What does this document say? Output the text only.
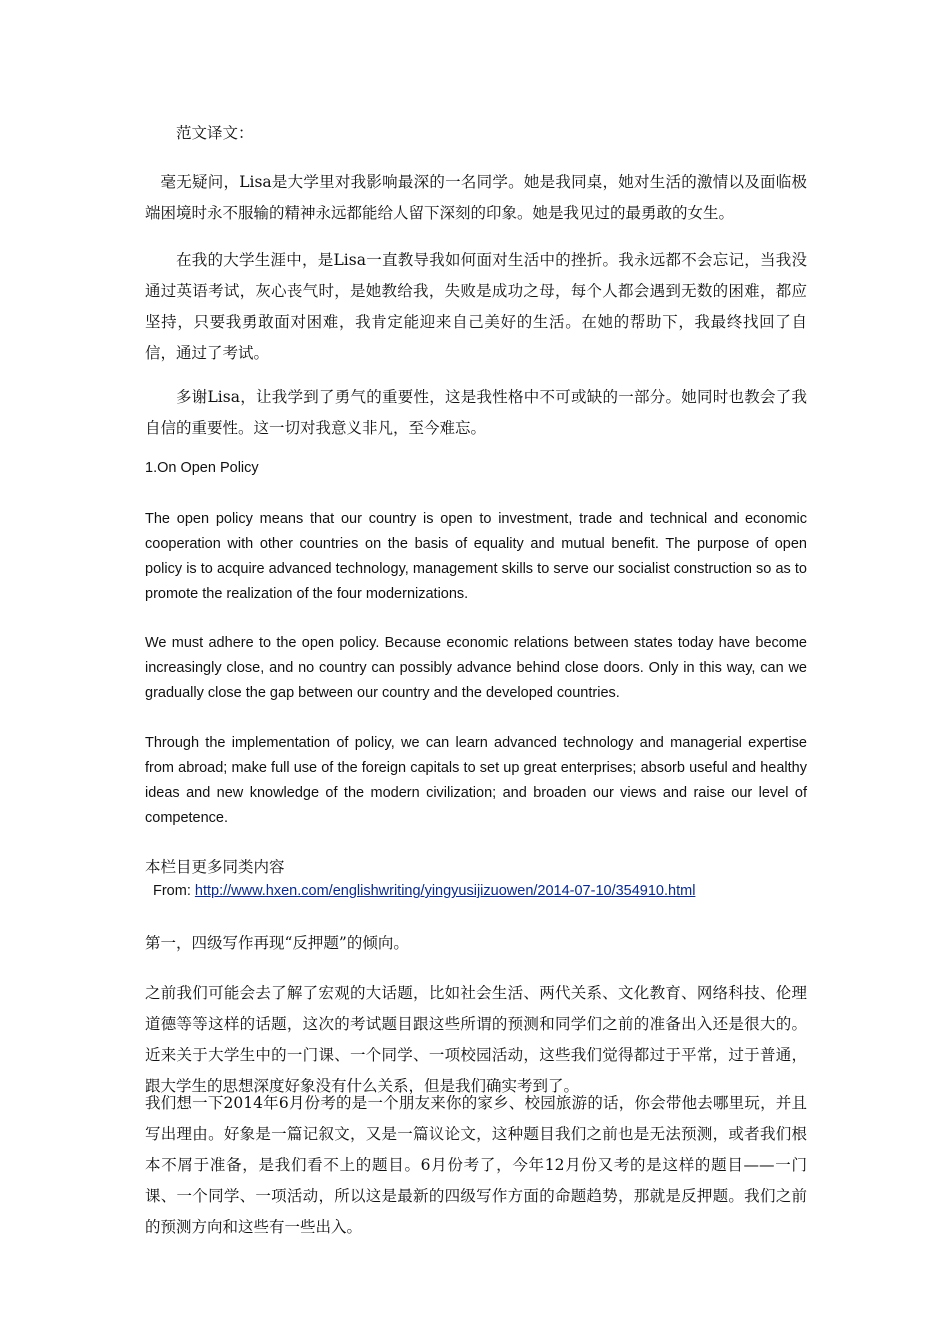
范文译文：

毫无疑问，Lisa是大学里对我影响最深的一名同学。她是我同桌，她对生活的激情以及面临极端困境时永不服输的精神永远都能给人留下深刻的印象。她是我见过的最勇敢的女生。

在我的大学生涯中，是Lisa一直教导我如何面对生活中的挫折。我永远都不会忘记，当我没通过英语考试，灰心丧气时，是她教给我，失败是成功之母，每个人都会遇到无数的困难，都应坚持，只要我勇敢面对困难，我肯定能迎来自己美好的生活。在她的帮助下，我最终找回了自信，通过了考试。

多谢Lisa，让我学到了勇气的重要性，这是我性格中不可或缺的一部分。她同时也教会了我自信的重要性。这一切对我意义非凡，至今难忘。

1.On Open Policy

The open policy means that our country is open to investment, trade and technical and economic cooperation with other countries on the basis of equality and mutual benefit. The purpose of open policy is to acquire advanced technology, management skills to serve our socialist construction so as to promote the realization of the four modernizations.

We must adhere to the open policy. Because economic relations between states today have become increasingly close, and no country can possibly advance behind close doors. Only in this way, can we gradually close the gap between our country and the developed countries.

Through the implementation of policy, we can learn advanced technology and managerial expertise from abroad; make full use of the foreign capitals to set up great enterprises; absorb useful and healthy ideas and new knowledge of the modern civilization; and broaden our views and raise our level of competence.

本栏目更多同类内容

From: http://www.hxen.com/englishwriting/yingyusijizuowen/2014-07-10/354910.html

第一，四级写作再现“反押题”的倾向。

之前我们可能会去了解了宏观的大话题，比如社会生活、两代关系、文化教育、网络科技、伦理道德等等这样的话题，这次的考试题目跟这些所谓的预测和同学们之前的准备出入还是很大的。近来关于大学生中的一门课、一个同学、一项校园活动，这些我们觉得都过于平常，过于普通，跟大学生的思想深度好象没有什么关系，但是我们确实考到了。

我们想一下2014年6月份考的是一个朋友来你的家乡、校园旅游的话，你会带他去哪里玩，并且写出理由。好象是一篇记叙文，又是一篇议论文，这种题目我们之前也是无法预测，或者我们根本不屑于准备，是我们看不上的题目。6月份考了，今年12月份又考的是这样的题目——一门课、一个同学、一项活动，所以这是最新的四级写作方面的命题趋势，那就是反押题。我们之前的预测方向和这些有一些出入。
